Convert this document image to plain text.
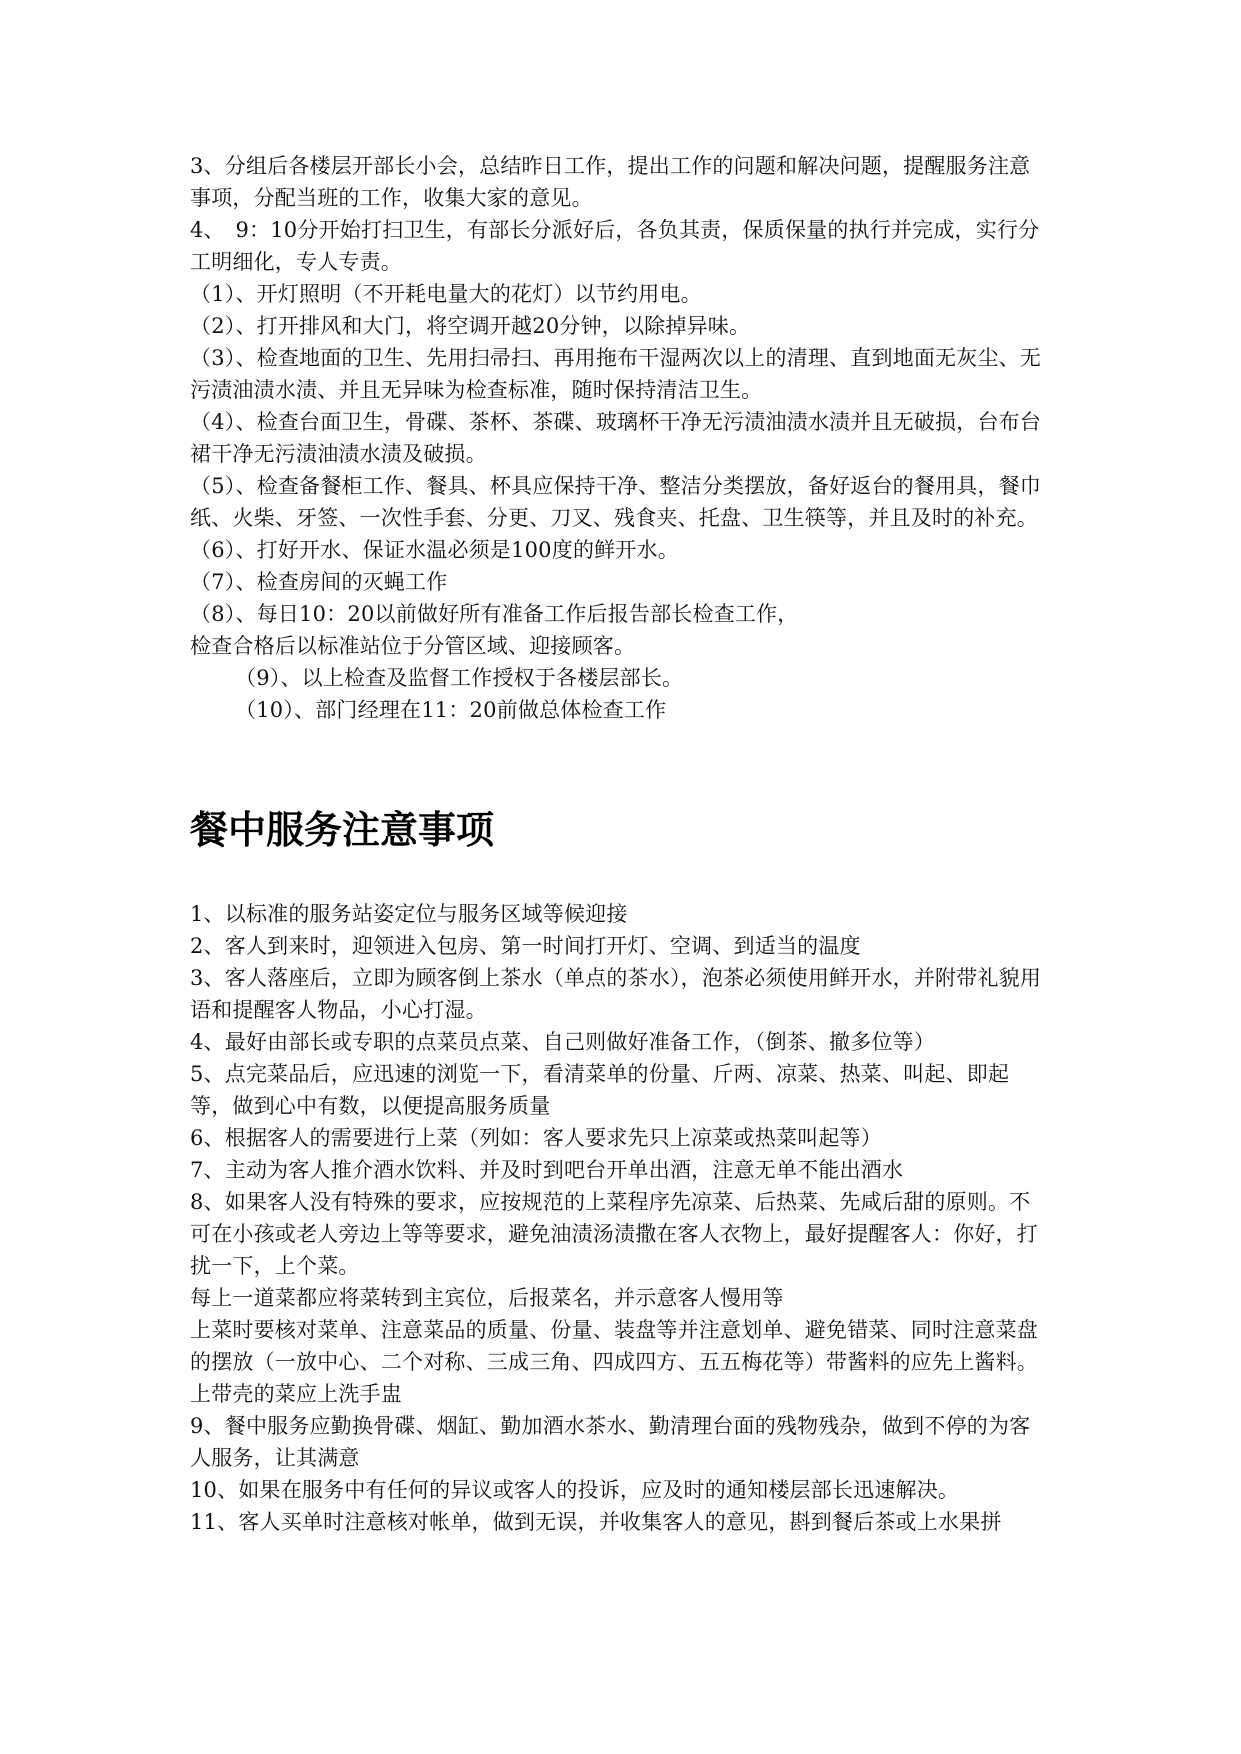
3、分组后各楼层开部长小会，总结昨日工作，提出工作的问题和解决问题，提醒服务注意事项，分配当班的工作，收集大家的意见。

4、　9：10分开始打扫卫生，有部长分派好后，各负其责，保质保量的执行并完成，实行分工明细化，专人专责。

（1）、开灯照明（不开耗电量大的花灯）以节约用电。

（2）、打开排风和大门，将空调开越20分钟，以除掉异味。

（3）、检查地面的卫生、先用扫帚扫、再用拖布干湿两次以上的清理、直到地面无灰尘、无污渍油渍水渍、并且无异味为检查标准，随时保持清洁卫生。

（4）、检查台面卫生，骨碟、茶杯、茶碟、玻璃杯干净无污渍油渍水渍并且无破损，台布台裙干净无污渍油渍水渍及破损。

（5）、检查备餐柜工作、餐具、杯具应保持干净、整洁分类摆放，备好返台的餐用具，餐巾纸、火柴、牙签、一次性手套、分更、刀叉、残食夹、托盘、卫生筷等，并且及时的补充。

（6）、打好开水、保证水温必须是100度的鲜开水。

（7）、检查房间的灭蝇工作

（8）、每日10：20以前做好所有准备工作后报告部长检查工作，

检查合格后以标准站位于分管区域、迎接顾客。

（9）、以上检查及监督工作授权于各楼层部长。

（10）、部门经理在11：20前做总体检查工作

餐中服务注意事项

1、以标准的服务站姿定位与服务区域等候迎接

2、客人到来时，迎领进入包房、第一时间打开灯、空调、到适当的温度

3、客人落座后，立即为顾客倒上茶水（单点的茶水），泡茶必须使用鲜开水，并附带礼貌用语和提醒客人物品，小心打湿。

4、最好由部长或专职的点菜员点菜、自己则做好准备工作，（倒茶、撤多位等）

5、点完菜品后，应迅速的浏览一下，看清菜单的份量、斤两、凉菜、热菜、叫起、即起等，做到心中有数，以便提高服务质量

6、根据客人的需要进行上菜（列如：客人要求先只上凉菜或热菜叫起等）

7、主动为客人推介酒水饮料、并及时到吧台开单出酒，注意无单不能出酒水

8、如果客人没有特殊的要求，应按规范的上菜程序先凉菜、后热菜、先咸后甜的原则。不可在小孩或老人旁边上等等要求，避免油渍汤渍撒在客人衣物上，最好提醒客人：你好，打扰一下，上个菜。

每上一道菜都应将菜转到主宾位，后报菜名，并示意客人慢用等

上菜时要核对菜单、注意菜品的质量、份量、装盘等并注意划单、避免错菜、同时注意菜盘的摆放（一放中心、二个对称、三成三角、四成四方、五五梅花等）带酱料的应先上酱料。上带壳的菜应上洗手盅

9、餐中服务应勤换骨碟、烟缸、勤加酒水茶水、勤清理台面的残物残杂，做到不停的为客人服务，让其满意

10、如果在服务中有任何的异议或客人的投诉，应及时的通知楼层部长迅速解决。

11、客人买单时注意核对帐单，做到无误，并收集客人的意见，斟到餐后茶或上水果拼
